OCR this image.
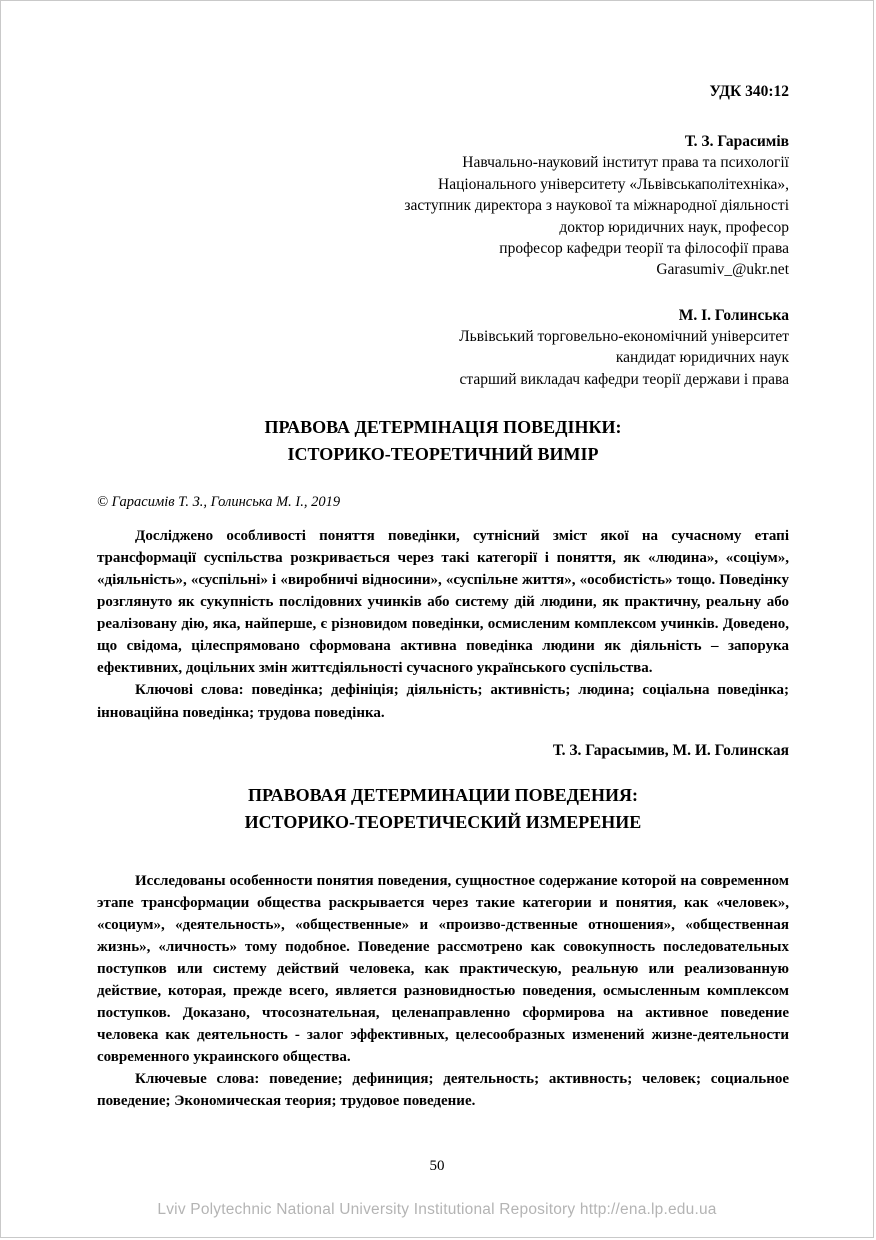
УДК 340:12
Т. З. Гарасимів
Навчально-науковий інститут права та психології
Національного університету «Львівськаполітехніка»,
заступник директора з наукової та міжнародної діяльності
доктор юридичних наук, професор
професор кафедри теорії та філософії права
Garasumiv_@ukr.net
М. І. Голинська
Львівський торговельно-економічний університет
кандидат юридичних наук
старший викладач кафедри теорії держави і права
ПРАВОВА ДЕТЕРМІНАЦІЯ ПОВЕДІНКИ:
ІСТОРИКО-ТЕОРЕТИЧНИЙ ВИМІР
© Гарасимів Т. З., Голинська М. І., 2019

Досліджено особливості поняття поведінки, сутнісний зміст якої на сучасному етапі трансформації суспільства розкривається через такі категорії і поняття, як «людина», «соціум», «діяльність», «суспільні» і «виробничі відносини», «суспільне життя», «особистість» тощо. Поведінку розглянуто як сукупність послідовних учинків або систему дій людини, як практичну, реальну або реалізовану дію, яка, найперше, є різновидом поведінки, осмисленим комплексом учинків. Доведено, що свідома, цілеспрямовано сформована активна поведінка людини як діяльність – запорука ефективних, доцільних змін життєдіяльності сучасного українського суспільства.

Ключові слова: поведінка; дефініція; діяльність; активність; людина; соціальна поведінка; інноваційна поведінка; трудова поведінка.

Т. З. Гарасымив, М. И. Голинская
ПРАВОВАЯ ДЕТЕРМИНАЦИИ ПОВЕДЕНИЯ:
ИСТОРИКО-ТЕОРЕТИЧЕСКИЙ ИЗМЕРЕНИЕ

Исследованы особенности понятия поведения, сущностное содержание которой на современном этапе трансформации общества раскрывается через такие категории и понятия, как «человек», «социум», «деятельность», «общественные» и «произво-дственные отношения», «общественная жизнь», «личность» тому подобное. Поведение рассмотрено как совокупность последовательных поступков или систему действий человека, как практическую, реальную или реализованную действие, которая, прежде всего, является разновидностью поведения, осмысленным комплексом поступков. Доказано, чтосознательная, целенаправленно сформирова на активное поведение человека как деятельность - залог эффективных, целесообразных изменений жизне-деятельности современного украинского общества.

Ключевые слова: поведение; дефиниция; деятельность; активность; человек; социальное поведение; Экономическая теория; трудовое поведение.

50
Lviv Polytechnic National University Institutional Repository http://ena.lp.edu.ua
